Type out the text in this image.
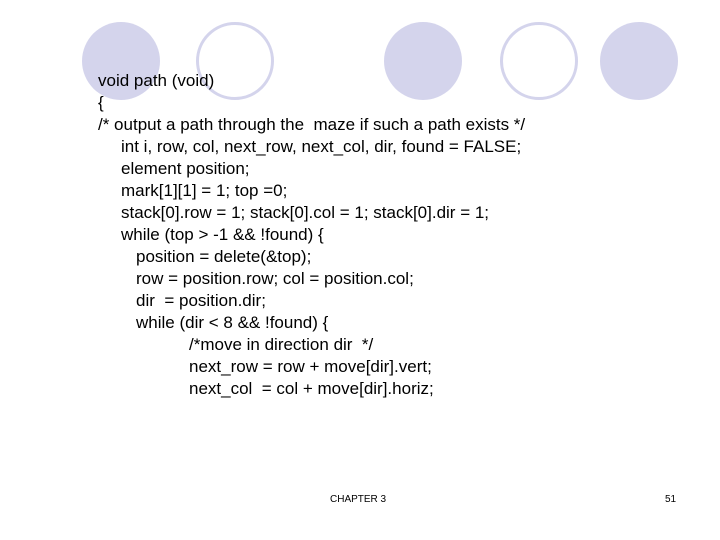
void path (void)
{
/* output a path through the  maze if such a path exists */
int i, row, col, next_row, next_col, dir, found = FALSE;
element position;
mark[1][1] = 1; top =0;
stack[0].row = 1; stack[0].col = 1; stack[0].dir = 1;
while (top > -1 && !found) {
position = delete(&top);
row = position.row; col = position.col;
dir  = position.dir;
while (dir < 8 && !found) {
/*move in direction dir  */
next_row = row + move[dir].vert;
next_col  = col + move[dir].horiz;
CHAPTER 3	51
